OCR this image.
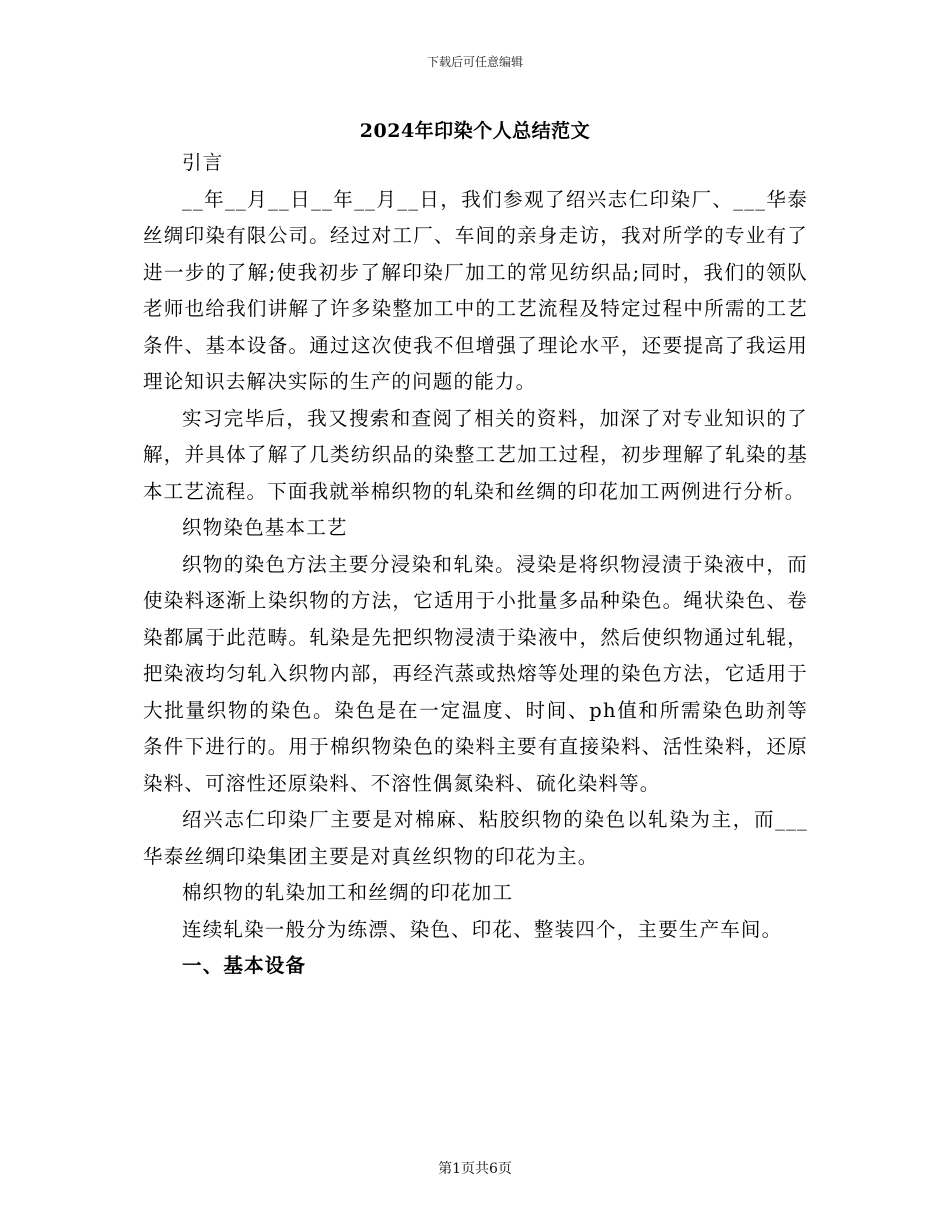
下载后可任意编辑
2024年印染个人总结范文

引言

__年__月__日__年__月__日，我们参观了绍兴志仁印染厂、___华泰丝绸印染有限公司。经过对工厂、车间的亲身走访，我对所学的专业有了进一步的了解;使我初步了解印染厂加工的常见纺织品;同时，我们的领队老师也给我们讲解了许多染整加工中的工艺流程及特定过程中所需的工艺条件、基本设备。通过这次使我不但增强了理论水平，还要提高了我运用理论知识去解决实际的生产的问题的能力。

实习完毕后，我又搜索和查阅了相关的资料，加深了对专业知识的了解，并具体了解了几类纺织品的染整工艺加工过程，初步理解了轧染的基本工艺流程。下面我就举棉织物的轧染和丝绸的印花加工两例进行分析。

织物染色基本工艺

织物的染色方法主要分浸染和轧染。浸染是将织物浸渍于染液中，而使染料逐渐上染织物的方法，它适用于小批量多品种染色。绳状染色、卷染都属于此范畴。轧染是先把织物浸渍于染液中，然后使织物通过轧辊，把染液均匀轧入织物内部，再经汽蒸或热熔等处理的染色方法，它适用于大批量织物的染色。染色是在一定温度、时间、ph值和所需染色助剂等条件下进行的。用于棉织物染色的染料主要有直接染料、活性染料，还原染料、可溶性还原染料、不溶性偶氮染料、硫化染料等。

绍兴志仁印染厂主要是对棉麻、粘胶织物的染色以轧染为主，而___华泰丝绸印染集团主要是对真丝织物的印花为主。

棉织物的轧染加工和丝绸的印花加工

连续轧染一般分为练漂、染色、印花、整装四个，主要生产车间。

一、基本设备

第1页共6页
